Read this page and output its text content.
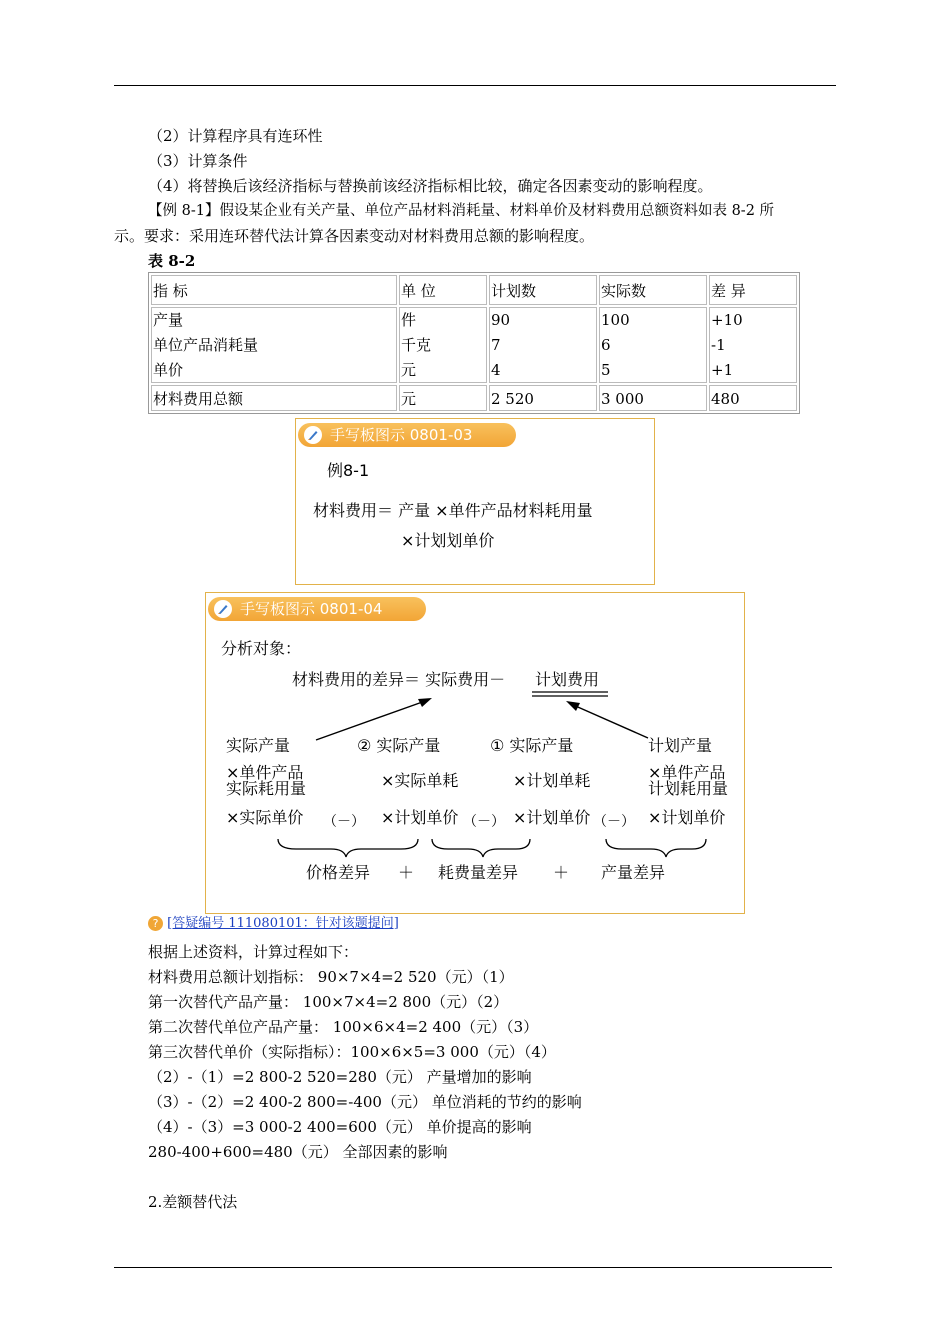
（2）计算程序具有连环性
（3）计算条件
（4）将替换后该经济指标与替换前该经济指标相比较，确定各因素变动的影响程度。
【例 8-1】假设某企业有关产量、单位产品材料消耗量、材料单价及材料费用总额资料如表 8-2 所
示。要求：采用连环替代法计算各因素变动对材料费用总额的影响程度。
表 8-2
指 标	单 位	计划数	实际数	差 异
产量	件	90	100	+10
单位产品消耗量	千克	7	6	-1
单价	元	4	5	+1
材料费用总额	元	2 520	3 000	480
手写板图示 0801-03
例8-1
材料费用＝ 产量 ×单件产品材料耗用量
×计划划单价
手写板图示 0801-04
分析对象：
材料费用的差异＝ 实际费用－ 计划费用
实际产量
×单件产品
实际耗用量
×实际单价
② 实际产量
×实际单耗
×计划单价
① 实际产量
×计划单耗
×计划单价
计划产量
×单件产品
计划耗用量
×计划单价
（－）	（－）	（－）
价格差异 ＋ 耗费量差异 ＋ 产量差异
? [答疑编号 111080101：针对该题提问]
根据上述资料，计算过程如下：
材料费用总额计划指标： 90×7×4=2 520（元）（1）
第一次替代产品产量： 100×7×4=2 800（元）（2）
第二次替代单位产品产量： 100×6×4=2 400（元）（3）
第三次替代单价（实际指标）：100×6×5=3 000（元）（4）
（2）-（1）=2 800-2 520=280（元） 产量增加的影响
（3）-（2）=2 400-2 800=-400（元） 单位消耗的节约的影响
（4）-（3）=3 000-2 400=600（元） 单价提高的影响
280-400+600=480（元） 全部因素的影响
2.差额替代法
